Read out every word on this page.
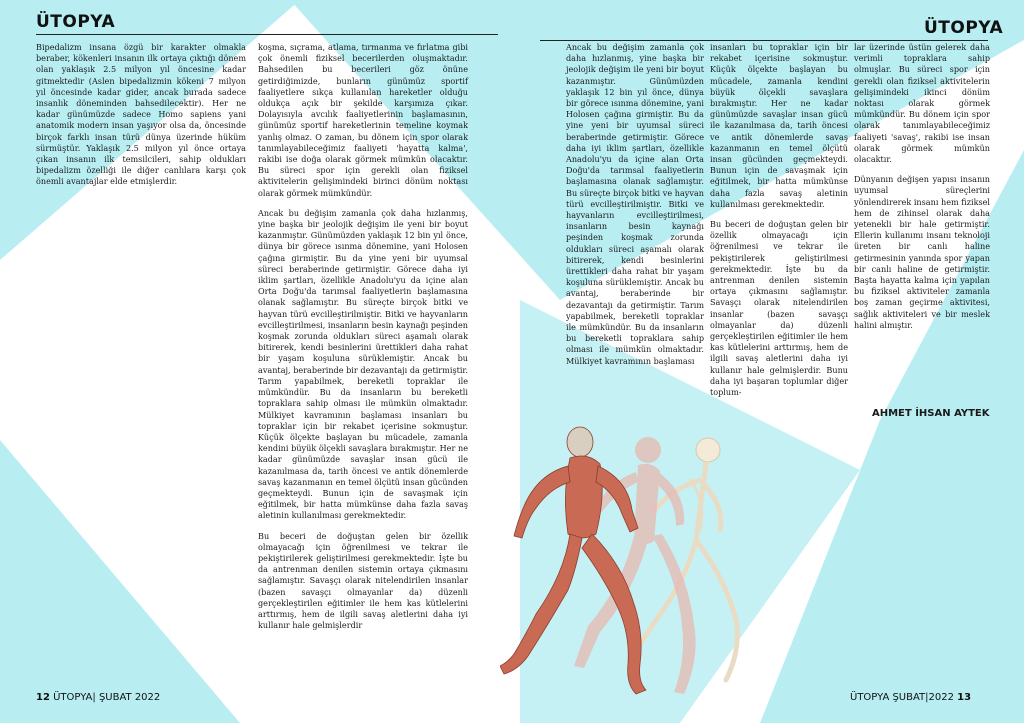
ÜTOPYA	ÜTOPYA

Bipedalizm insana özgü bir karakter olmakla beraber, kökenleri insanın ilk ortaya çıktığı dönem olan yaklaşık 2.5 milyon yıl öncesine kadar gitmektedir (Aslen bipedalizmin kökeni 7 milyon yıl öncesinde kadar gider, ancak burada sadece insanlık döneminden bahsedilecektir). Her ne kadar günümüzde sadece Homo sapiens yani anatomik modern insan yaşıyor olsa da, öncesinde birçok farklı insan türü dünya üzerinde hüküm sürmüştür. Yaklaşık 2.5 milyon yıl önce ortaya çıkan insanın ilk temsilcileri, sahip oldukları bipedalizm özelliği ile diğer canlılara karşı çok önemli avantajlar elde etmişlerdir.

koşma, sıçrama, atlama, tırmanma ve fırlatma gibi çok önemli fiziksel becerilerden oluşmaktadır. Bahsedilen bu becerileri göz önüne getirdiğimizde, bunların günümüz sportif faaliyetlere sıkça kullanılan hareketler olduğu oldukça açık bir şekilde karşımıza çıkar. Dolayısıyla avcılık faaliyetlerinin başlamasının, günümüz sportif hareketlerinin temeline koymak yanlış olmaz. O zaman, bu dönem için spor olarak tanımlayabileceğimiz faaliyeti 'hayatta kalma', rakibi ise doğa olarak görmek mümkün olacaktır. Bu süreci spor için gerekli olan fiziksel aktivitelerin gelişimindeki birinci dönüm noktası olarak görmek mümkündür.

Ancak bu değişim zamanla çok daha hızlanmış, yine başka bir jeolojik değişim ile yeni bir boyut kazanmıştır. Günümüzden yaklaşık 12 bin yıl önce, dünya bir görece ısınma dönemine, yani Holosen çağına girmiştir. Bu da yine yeni bir uyumsal süreci beraberinde getirmiştir. Görece daha iyi iklim şartları, özellikle Anadolu'yu da içine alan Orta Doğu'da tarımsal faaliyetlerin başlamasına olanak sağlamıştır. Bu süreçte birçok bitki ve hayvan türü evcilleştirilmiştir. Bitki ve hayvanların evcilleştirilmesi, insanların besin kaynağı peşinden koşmak zorunda oldukları süreci aşamalı olarak bitirerek, kendi besinlerini ürettikleri daha rahat bir yaşam koşuluna sürüklemiştir. Ancak bu avantaj, beraberinde bir dezavantajı da getirmiştir. Tarım yapabilmek, bereketli topraklar ile mümkündür. Bu da insanların bu bereketli topraklara sahip olması ile mümkün olmaktadır. Mülkiyet kavramının başlaması insanları bu topraklar için bir rekabet içerisine sokmuştur. Küçük ölçekte başlayan bu mücadele, zamanla kendini büyük ölçekli savaşlara bırakmıştır. Her ne kadar günümüzde savaşlar insan gücü ile kazanılmasa da, tarih öncesi ve antik dönemlerde savaş kazanmanın en temel ölçütü insan gücünden geçmekteydi. Bunun için de savaşmak için eğitilmek, bir hatta mümkünse daha fazla savaş aletinin kullanılması gerekmektedir.

Bu beceri de doğuştan gelen bir özellik olmayacağı için öğrenilmesi ve tekrar ile pekiştirilerek geliştirilmesi gerekmektedir. İşte bu da antrenman denilen sistemin ortaya çıkmasını sağlamıştır. Savaşçı olarak nitelendirilen insanlar (bazen savaşçı olmayanlar da) düzenli gerçekleştirilen eğitimler ile hem kas kütlelerini arttırmış, hem de ilgili savaş aletlerini daha iyi kullanır hale gelmişlerdir

Ancak bu değişim zamanla çok daha hızlanmış, yine başka bir jeolojik değişim ile yeni bir boyut kazanmıştır. Günümüzden yaklaşık 12 bin yıl önce, dünya bir görece ısınma dönemine, yani Holosen çağına girmiştir. Bu da yine yeni bir uyumsal süreci beraberinde getirmiştir. Görece daha iyi iklim şartları, özellikle Anadolu'yu da içine alan Orta Doğu'da tarımsal faaliyetlerin başlamasına olanak sağlamıştır. Bu süreçte birçok bitki ve hayvan türü evcilleştirilmiştir. Bitki ve hayvanların evcilleştirilmesi, insanların besin kaynağı peşinden koşmak zorunda oldukları süreci aşamalı olarak bitirerek, kendi besinlerini ürettikleri daha rahat bir yaşam koşuluna sürüklemiştir. Ancak bu avantaj, beraberinde bir dezavantajı da getirmiştir. Tarım yapabilmek, bereketli topraklar ile mümkündür. Bu da insanların bu bereketli topraklara sahip olması ile mümkün olmaktadır. Mülkiyet kavramının başlaması

insanları bu topraklar için bir rekabet içerisine sokmuştur. Küçük ölçekte başlayan bu mücadele, zamanla kendini büyük ölçekli savaşlara bırakmıştır. Her ne kadar günümüzde savaşlar insan gücü ile kazanılmasa da, tarih öncesi ve antik dönemlerde savaş kazanmanın en temel ölçütü insan gücünden geçmekteydi. Bunun için de savaşmak için eğitilmek, bir hatta mümkünse daha fazla savaş aletinin kullanılması gerekmektedir.

Bu beceri de doğuştan gelen bir özellik olmayacağı için öğrenilmesi ve tekrar ile pekiştirilerek geliştirilmesi gerekmektedir. İşte bu da antrenman denilen sistemin ortaya çıkmasını sağlamıştır. Savaşçı olarak nitelendirilen insanlar (bazen savaşçı olmayanlar da) düzenli gerçekleştirilen eğitimler ile hem kas kütlelerini arttırmış, hem de ilgili savaş aletlerini daha iyi kullanır hale gelmişlerdir. Bunu daha iyi başaran toplumlar diğer toplum-

lar üzerinde üstün gelerek daha verimli topraklara sahip olmuşlar. Bu süreci spor için gerekli olan fiziksel aktivitelerin gelişimindeki ikinci dönüm noktası olarak görmek mümkündür. Bu dönem için spor olarak tanımlayabileceğimiz faaliyeti 'savaş', rakibi ise insan olarak görmek mümkün olacaktır.

Dünyanın değişen yapısı insanın uyumsal süreçlerini yönlendirerek insanı hem fiziksel hem de zihinsel olarak daha yetenekli bir hale getirmiştir. Ellerin kullanımı insanı teknoloji üreten bir canlı haline getirmesinin yanında spor yapan bir canlı haline de getirmiştir. Başta hayatta kalma için yapılan bu fiziksel aktiviteler zamanla boş zaman geçirme aktivitesi, sağlık aktiviteleri ve bir meslek halini almıştır.

AHMET İHSAN AYTEK
12 ÜTOPYA| ŞUBAT 2022	ÜTOPYA ŞUBAT|2022 13
